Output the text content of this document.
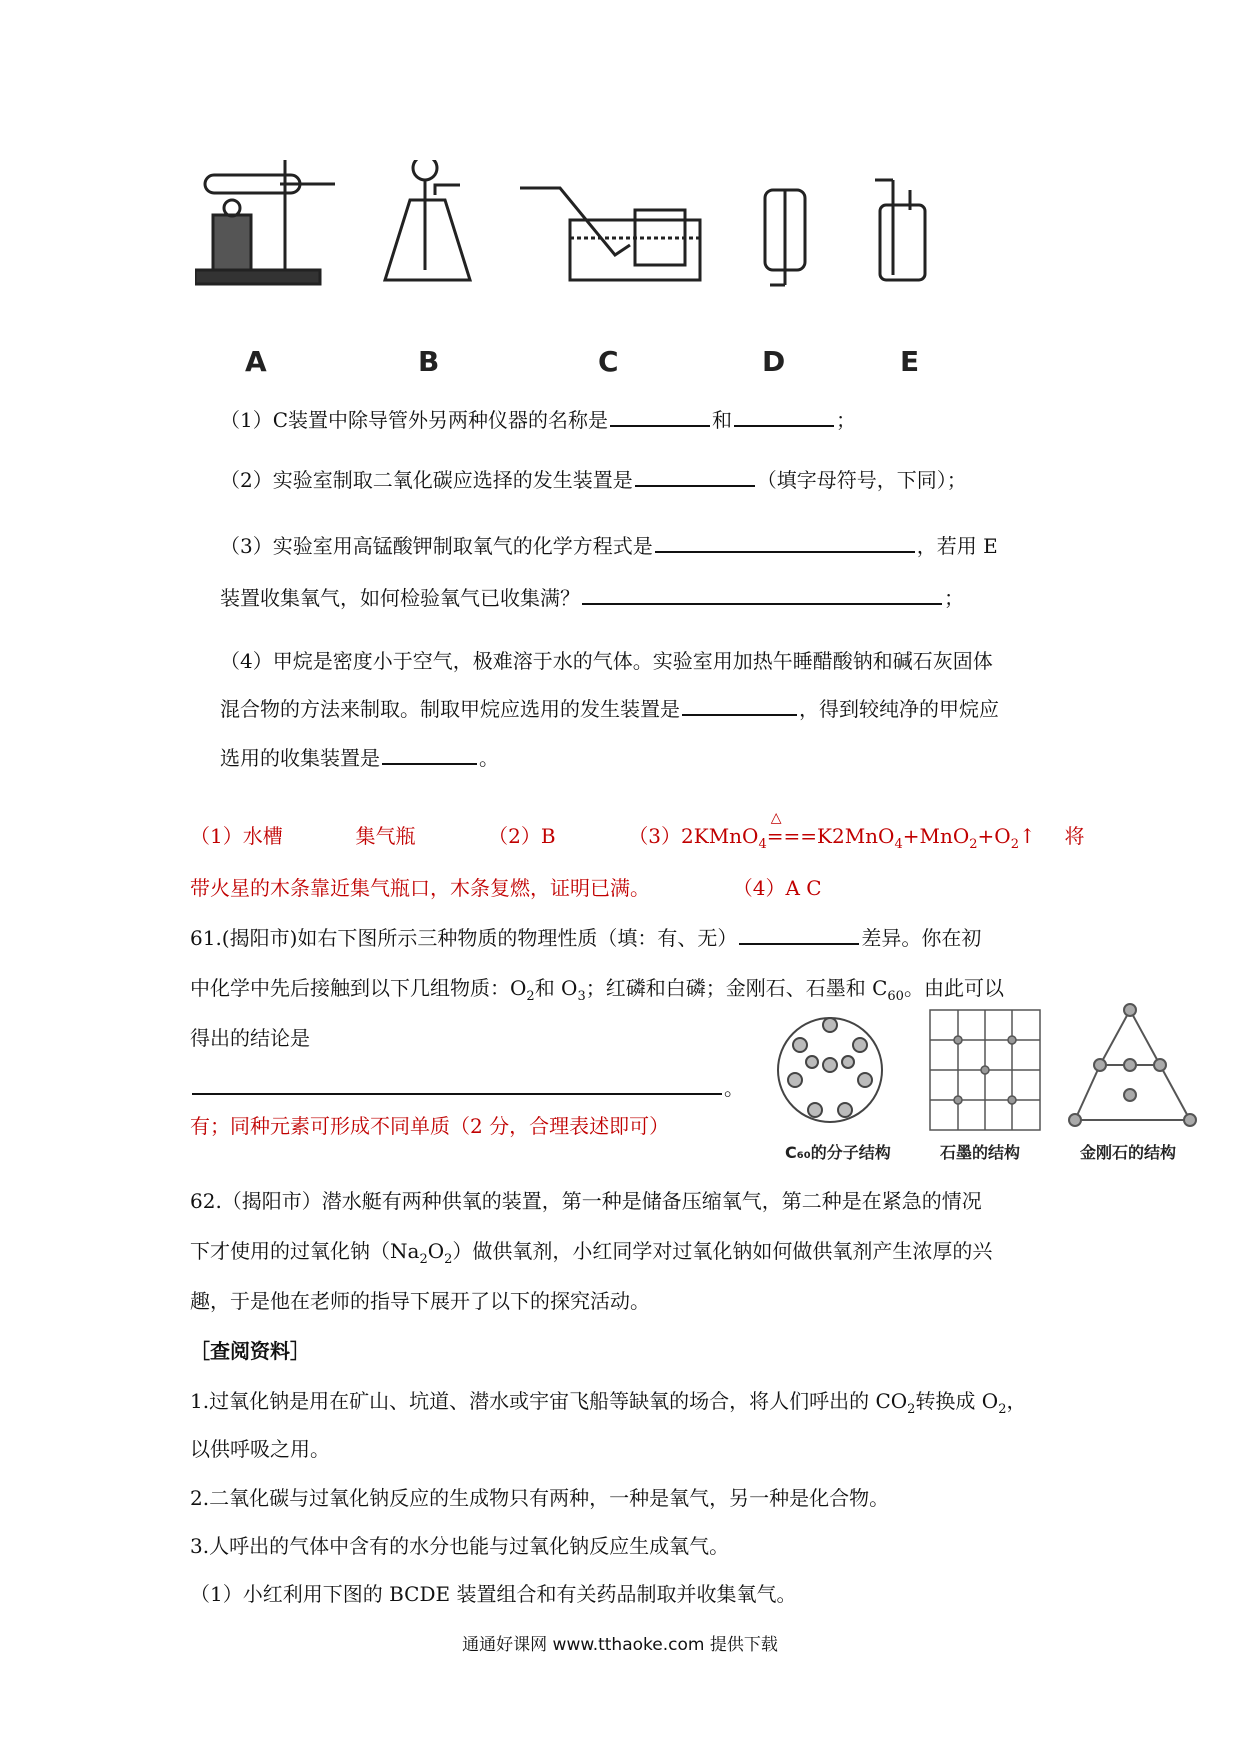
A	B	C	D	E
（1）C装置中除导管外另两种仪器的名称是	和	；
（2）实验室制取二氧化碳应选择的发生装置是	（填字母符号，下同）；
（3）实验室用高锰酸钾制取氧气的化学方程式是	，若用 E
装置收集氧气，如何检验氧气已收集满？	；
（4）甲烷是密度小于空气，极难溶于水的气体。实验室用加热午睡醋酸钠和碱石灰固体
混合物的方法来制取。制取甲烷应选用的发生装置是	，得到较纯净的甲烷应
选用的收集装置是	。
（1）水槽	集气瓶	（2）B	（3）2KMnO$_4$
△
$===K2MnO_4+MnO_2+O_2↑$ 将
带火星的木条靠近集气瓶口，木条复燃，证明已满。	（4）A C
61.(揭阳市)如右下图所示三种物质的物理性质（填：有、无）	差异。你在初
中化学中先后接触到以下几组物质：$O_2$和 $O_3$；红磷和白磷；金刚石、石墨和 $C_{60}$。由此可以
得出的结论是
。
有；同种元素可形成不同单质（2 分，合理表述即可）
C₆₀的分子结构	石墨的结构	金刚石的结构
62.（揭阳市）潜水艇有两种供氧的装置，第一种是储备压缩氧气，第二种是在紧急的情况
下才使用的过氧化钠$(Na_2O_2)$做供氧剂，小红同学对过氧化钠如何做供氧剂产生浓厚的兴
趣，于是他在老师的指导下展开了以下的探究活动。
［查阅资料］
1.过氧化钠是用在矿山、坑道、潜水或宇宙飞船等缺氧的场合，将人们呼出的 $CO_2$转换成 $O_2$，
以供呼吸之用。
2.二氧化碳与过氧化钠反应的生成物只有两种，一种是氧气，另一种是化合物。
3.人呼出的气体中含有的水分也能与过氧化钠反应生成氧气。
（1）小红利用下图的 BCDE 装置组合和有关药品制取并收集氧气。
通通好课网 www.tthaoke.com 提供下载
